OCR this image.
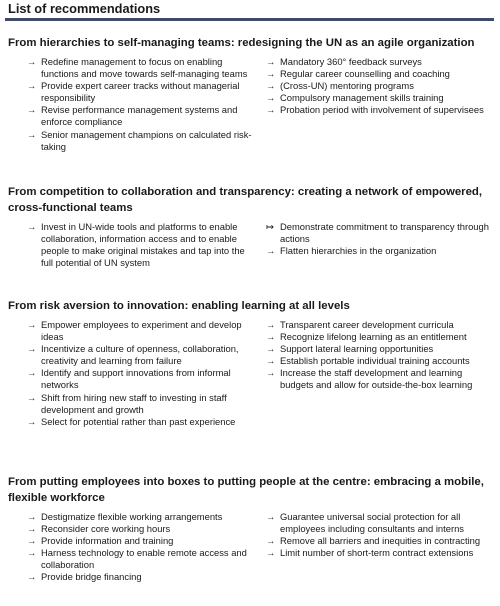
List of recommendations
From hierarchies to self-managing teams: redesigning the UN as an agile organization
→ Redefine management to focus on enabling functions and move towards self-managing teams
→ Provide expert career tracks without managerial responsibility
→ Revise performance management systems and enforce compliance
→ Senior management champions on calculated risk-taking
→ Mandatory 360° feedback surveys
→ Regular career counselling and coaching
→ (Cross-UN) mentoring programs
→ Compulsory management skills training
→ Probation period with involvement of supervisees
From competition to collaboration and transparency: creating a network of empowered, cross-functional teams
→ Invest in UN-wide tools and platforms to enable collaboration, information access and to enable people to make original mistakes and tap into the full potential of UN system
↦ Demonstrate commitment to transparency through actions
→ Flatten hierarchies in the organization
From risk aversion to innovation: enabling learning at all levels
→ Empower employees to experiment and develop ideas
→ Incentivize a culture of openness, collaboration, creativity and learning from failure
→ Identify and support innovations from informal networks
→ Shift from hiring new staff to investing in staff development and growth
→ Select for potential rather than past experience
→ Transparent career development curricula
→ Recognize lifelong learning as an entitlement
→ Support lateral learning opportunities
→ Establish portable individual training accounts
→ Increase the staff development and learning budgets and allow for outside-the-box learning
From putting employees into boxes to putting people at the centre: embracing a mobile, flexible workforce
→ Destigmatize flexible working arrangements
→ Reconsider core working hours
→ Provide information and training
→ Harness technology to enable remote access and collaboration
→ Provide bridge financing
→ Guarantee universal social protection for all employees including consultants and interns
→ Remove all barriers and inequities in contracting
→ Limit number of short-term contract extensions
